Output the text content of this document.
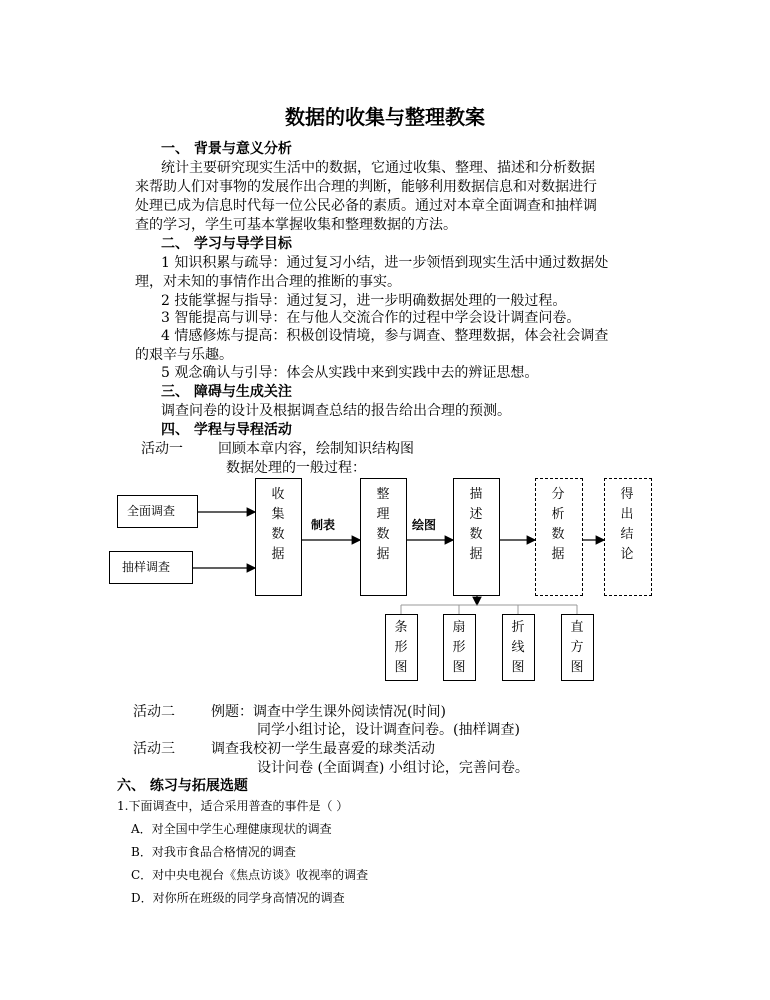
数据的收集与整理教案

一、 背景与意义分析

统计主要研究现实生活中的数据，它通过收集、整理、描述和分析数据

来帮助人们对事物的发展作出合理的判断，能够利用数据信息和对数据进行

处理已成为信息时代每一位公民必备的素质。通过对本章全面调查和抽样调

查的学习，学生可基本掌握收集和整理数据的方法。

二、 学习与导学目标

1 知识积累与疏导：通过复习小结，进一步领悟到现实生活中通过数据处

理，对未知的事情作出合理的推断的事实。

2 技能掌握与指导：通过复习，进一步明确数据处理的一般过程。

3 智能提高与训导：在与他人交流合作的过程中学会设计调查问卷。

4 情感修炼与提高：积极创设情境，参与调查、整理数据，体会社会调查

的艰辛与乐趣。

5 观念确认与引导：体会从实践中来到实践中去的辨证思想。

三、 障碍与生成关注

调查问卷的设计及根据调查总结的报告给出合理的预测。

四、 学程与导程活动

活动一	回顾本章内容，绘制知识结构图

数据处理的一般过程：

全面调查
抽样调查
收集数据
整理数据
描述数据
分析数据
得出结论
制表	绘图
条形图
扇形图
折线图
直方图

活动二	例题：调查中学生课外阅读情况(时间)

同学小组讨论，设计调查问卷。(抽样调查)

活动三	调查我校初一学生最喜爱的球类活动

设计问卷 (全面调查) 小组讨论，完善问卷。

六、 练习与拓展选题

1.下面调查中，适合采用普查的事件是（ ）

A．对全国中学生心理健康现状的调查

B．对我市食品合格情况的调查

C．对中央电视台《焦点访谈》收视率的调查

D．对你所在班级的同学身高情况的调查
